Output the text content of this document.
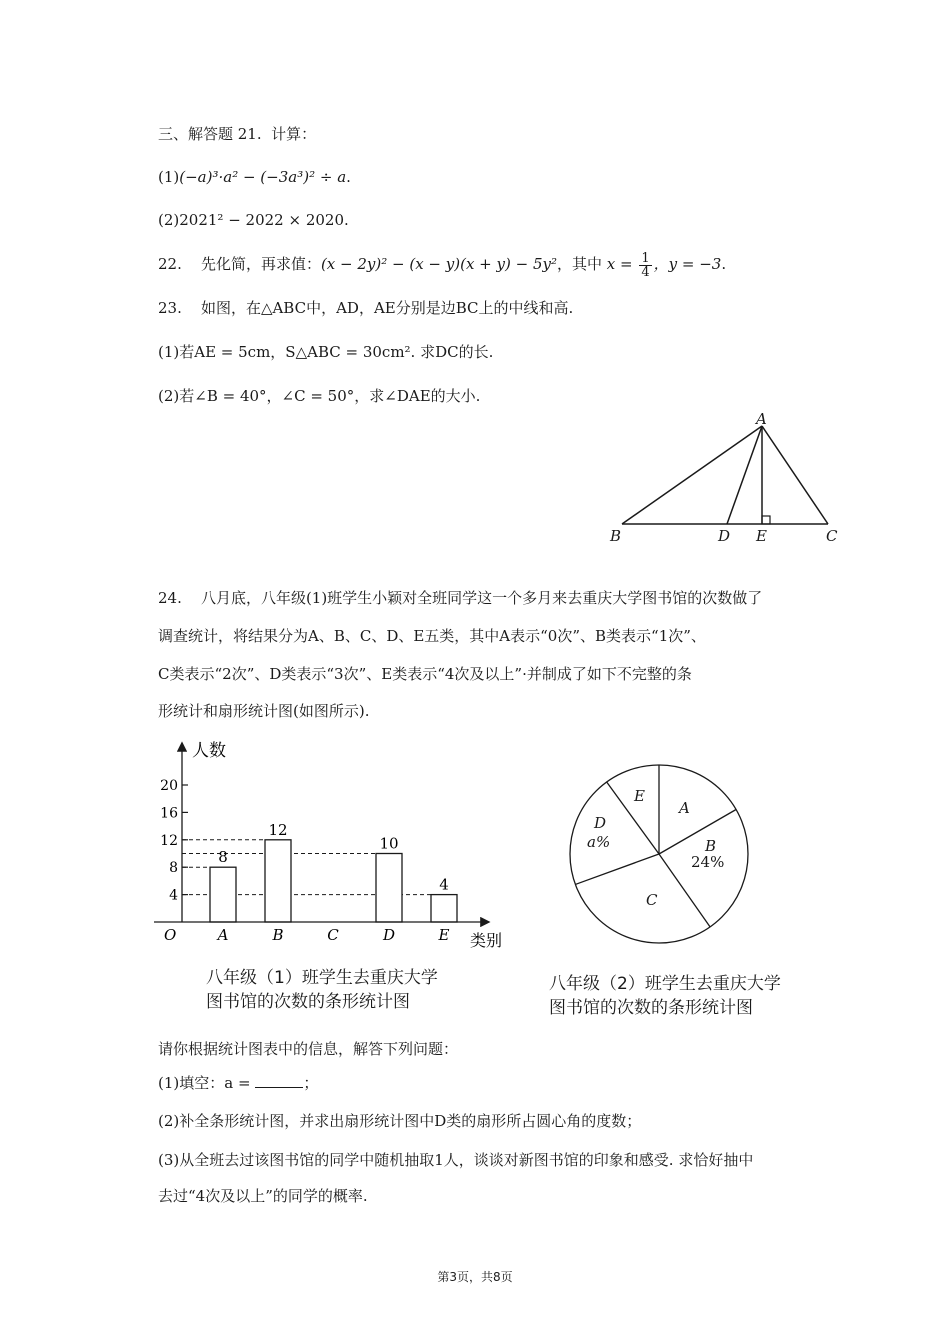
三、解答题 21. 计算：
(1)(−a)³·a² − (−3a³)² ÷ a.
(2)2021² − 2022 × 2020.
22. 先化简，再求值：(x − 2y)² − (x − y)(x + y) − 5y²，其中 $x = \frac{1}{4}$ ，y = −3.
23. 如图，在△ABC中，AD，AE分别是边BC上的中线和高.
(1)若AE = 5cm，S△ABC = 30cm². 求DC的长.
(2)若∠B = 40°，∠C = 50°，求∠DAE的大小.
A
B	D E	C
24. 八月底，八年级(1)班学生小颖对全班同学这一个多月来去重庆大学图书馆的次数做了
调查统计，将结果分为A、B、C、D、E五类，其中A表示“0次”、B类表示“1次”、
C类表示“2次”、D类表示“3次”、E类表示“4次及以上”·并制成了如下不完整的条
形统计和扇形统计图(如图所示).
8
12
10
4
人数
类别
O
4
8
12
16
20
A	B	C	D	E
八年级（1）班学生去重庆大学
图书馆的次数的条形统计图
A
B
24%
C
D
a%
E
八年级（2）班学生去重庆大学
图书馆的次数的条形统计图
请你根据统计图表中的信息，解答下列问题：
(1)填空：a =	；
(2)补全条形统计图，并求出扇形统计图中D类的扇形所占圆心角的度数；
(3)从全班去过该图书馆的同学中随机抽取1人，谈谈对新图书馆的印象和感受. 求恰好抽中
去过“4次及以上”的同学的概率.
第3页，共8页
